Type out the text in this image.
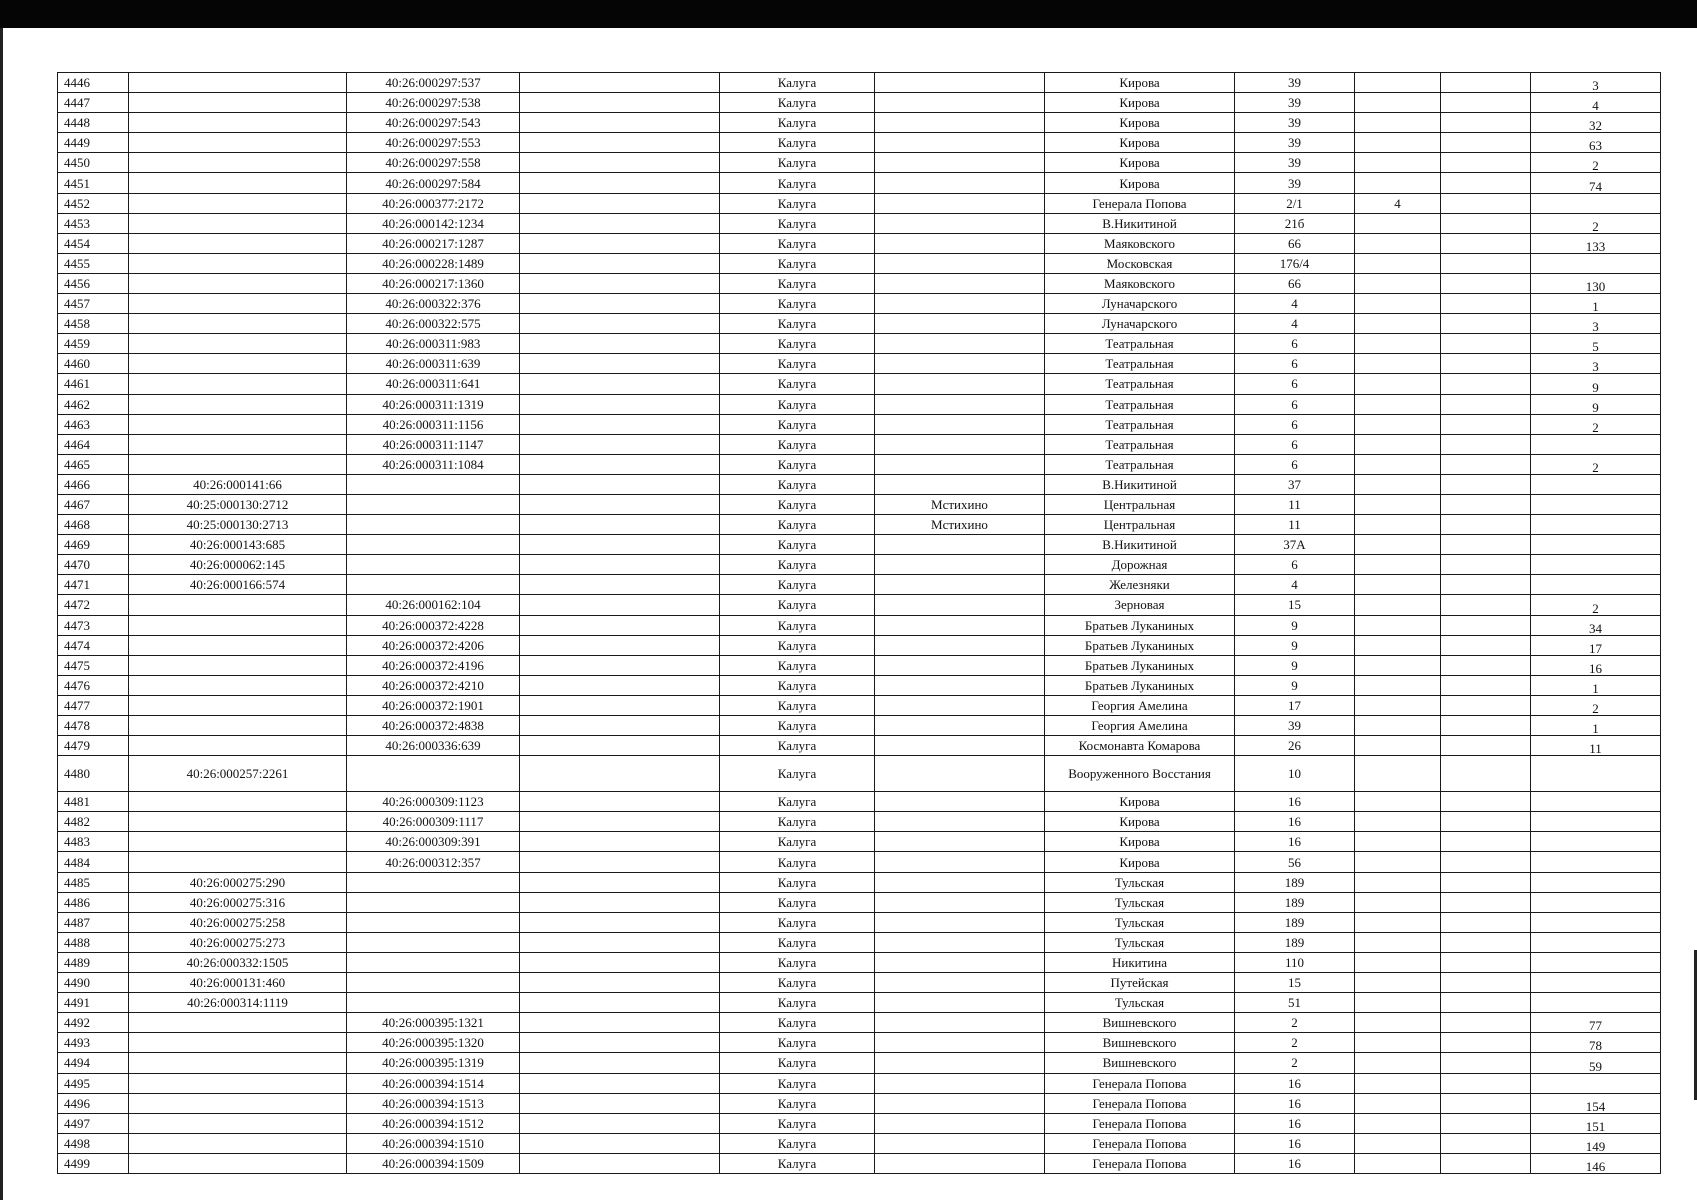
4446		40:26:000297:537		Калуга		Кирова	39			3
4447		40:26:000297:538		Калуга		Кирова	39			4
4448		40:26:000297:543		Калуга		Кирова	39			32
4449		40:26:000297:553		Калуга		Кирова	39			63
4450		40:26:000297:558		Калуга		Кирова	39			2
4451		40:26:000297:584		Калуга		Кирова	39			74
4452		40:26:000377:2172		Калуга		Генерала Попова	2/1	4		
4453		40:26:000142:1234		Калуга		В.Никитиной	21б			2
4454		40:26:000217:1287		Калуга		Маяковского	66			133
4455		40:26:000228:1489		Калуга		Московская	176/4			
4456		40:26:000217:1360		Калуга		Маяковского	66			130
4457		40:26:000322:376		Калуга		Луначарского	4			1
4458		40:26:000322:575		Калуга		Луначарского	4			3
4459		40:26:000311:983		Калуга		Театральная	6			5
4460		40:26:000311:639		Калуга		Театральная	6			3
4461		40:26:000311:641		Калуга		Театральная	6			9
4462		40:26:000311:1319		Калуга		Театральная	6			9
4463		40:26:000311:1156		Калуга		Театральная	6			2
4464		40:26:000311:1147		Калуга		Театральная	6			
4465		40:26:000311:1084		Калуга		Театральная	6			2
4466	40:26:000141:66			Калуга		В.Никитиной	37			
4467	40:25:000130:2712			Калуга	Мстихино	Центральная	11			
4468	40:25:000130:2713			Калуга	Мстихино	Центральная	11			
4469	40:26:000143:685			Калуга		В.Никитиной	37А			
4470	40:26:000062:145			Калуга		Дорожная	6			
4471	40:26:000166:574			Калуга		Железняки	4			
4472		40:26:000162:104		Калуга		Зерновая	15			2
4473		40:26:000372:4228		Калуга		Братьев Луканиных	9			34
4474		40:26:000372:4206		Калуга		Братьев Луканиных	9			17
4475		40:26:000372:4196		Калуга		Братьев Луканиных	9			16
4476		40:26:000372:4210		Калуга		Братьев Луканиных	9			1
4477		40:26:000372:1901		Калуга		Георгия Амелина	17			2
4478		40:26:000372:4838		Калуга		Георгия Амелина	39			1
4479		40:26:000336:639		Калуга		Космонавта Комарова	26			11
4480	40:26:000257:2261			Калуга		Вооруженного Восстания	10			
4481		40:26:000309:1123		Калуга		Кирова	16			
4482		40:26:000309:1117		Калуга		Кирова	16			
4483		40:26:000309:391		Калуга		Кирова	16			
4484		40:26:000312:357		Калуга		Кирова	56			
4485	40:26:000275:290			Калуга		Тульская	189			
4486	40:26:000275:316			Калуга		Тульская	189			
4487	40:26:000275:258			Калуга		Тульская	189			
4488	40:26:000275:273			Калуга		Тульская	189			
4489	40:26:000332:1505			Калуга		Никитина	110			
4490	40:26:000131:460			Калуга		Путейская	15			
4491	40:26:000314:1119			Калуга		Тульская	51			
4492		40:26:000395:1321		Калуга		Вишневского	2			77
4493		40:26:000395:1320		Калуга		Вишневского	2			78
4494		40:26:000395:1319		Калуга		Вишневского	2			59
4495		40:26:000394:1514		Калуга		Генерала Попова	16			
4496		40:26:000394:1513		Калуга		Генерала Попова	16			154
4497		40:26:000394:1512		Калуга		Генерала Попова	16			151
4498		40:26:000394:1510		Калуга		Генерала Попова	16			149
4499		40:26:000394:1509		Калуга		Генерала Попова	16			146
